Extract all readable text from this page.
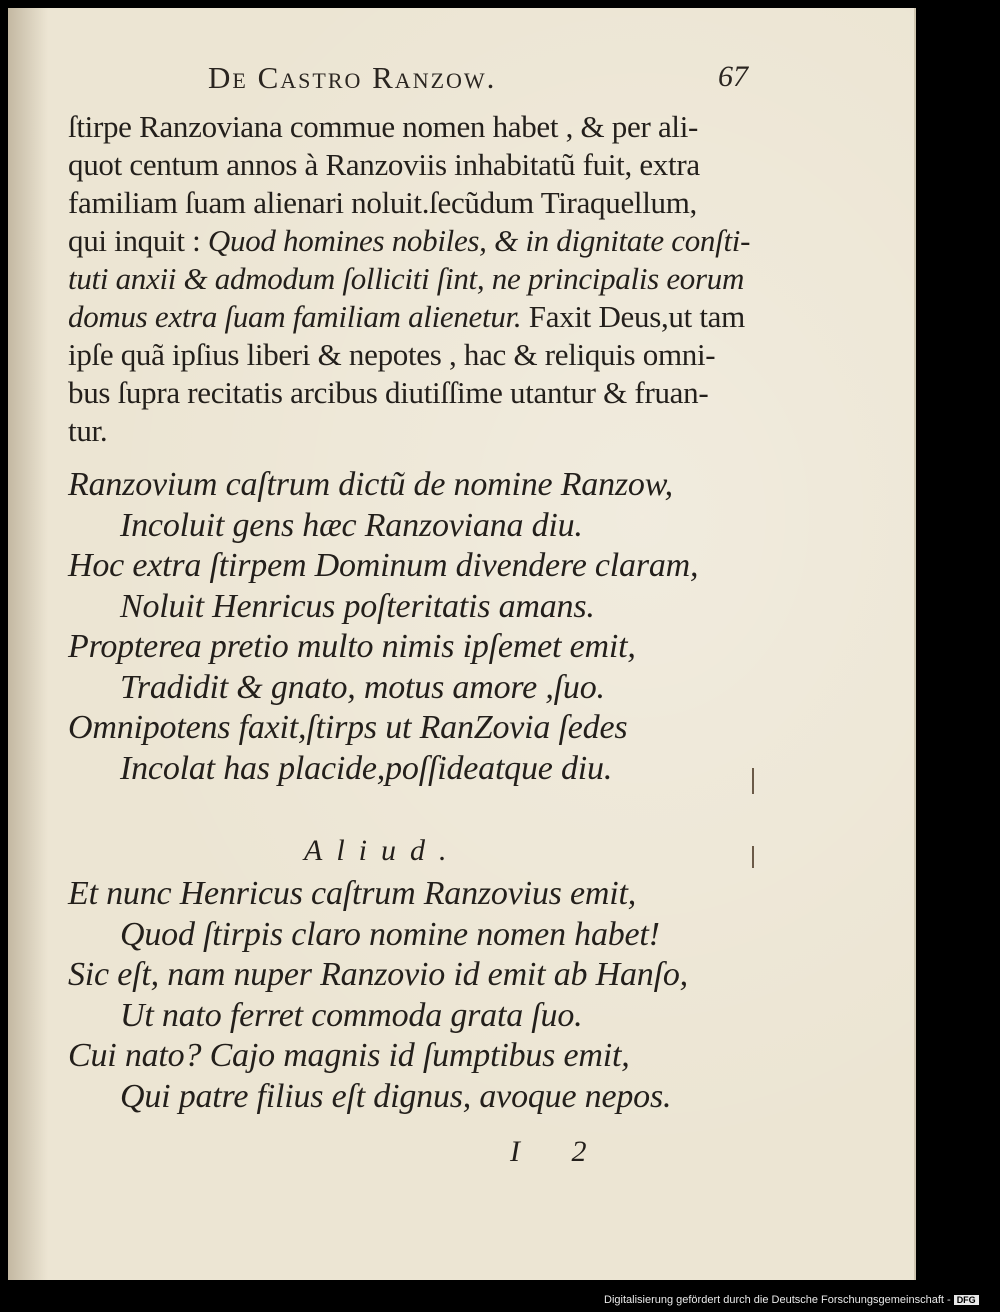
De Castro Ranzow.	67
ſtirpe Ranzoviana commue nomen habet , & per ali-
quot centum annos à Ranzoviis inhabitatũ fuit, extra
familiam ſuam alienari noluit.ſecũdum Tiraquellum,
qui inquit : Quod homines nobiles, & in dignitate conſti-
tuti anxii & admodum ſolliciti ſint, ne principalis eorum
domus extra ſuam familiam alienetur. Faxit Deus,ut tam
ipſe quã ipſius liberi & nepotes , hac & reliquis omni-
bus ſupra recitatis arcibus diutiſſime utantur & fruan-
tur.
Ranzovium caſtrum dictũ de nomine Ranzow,
Incoluit gens hæc Ranzoviana diu.
Hoc extra ſtirpem Dominum divendere claram,
Noluit Henricus poſteritatis amans.
Propterea pretio multo nimis ipſemet emit,
Tradidit & gnato, motus amore ,ſuo.
Omnipotens faxit,ſtirps ut RanZovia ſedes
Incolat has placide,poſſideatque diu.
Aliud.
Et nunc Henricus caſtrum Ranzovius emit,
Quod ſtirpis claro nomine nomen habet!
Sic eſt, nam nuper Ranzovio id emit ab Hanſo,
Ut nato ferret commoda grata ſuo.
Cui nato? Cajo magnis id ſumptibus emit,
Qui patre filius eſt dignus, avoque nepos.
I 2
Digitalisierung gefördert durch die Deutsche Forschungsgemeinschaft - DFG
